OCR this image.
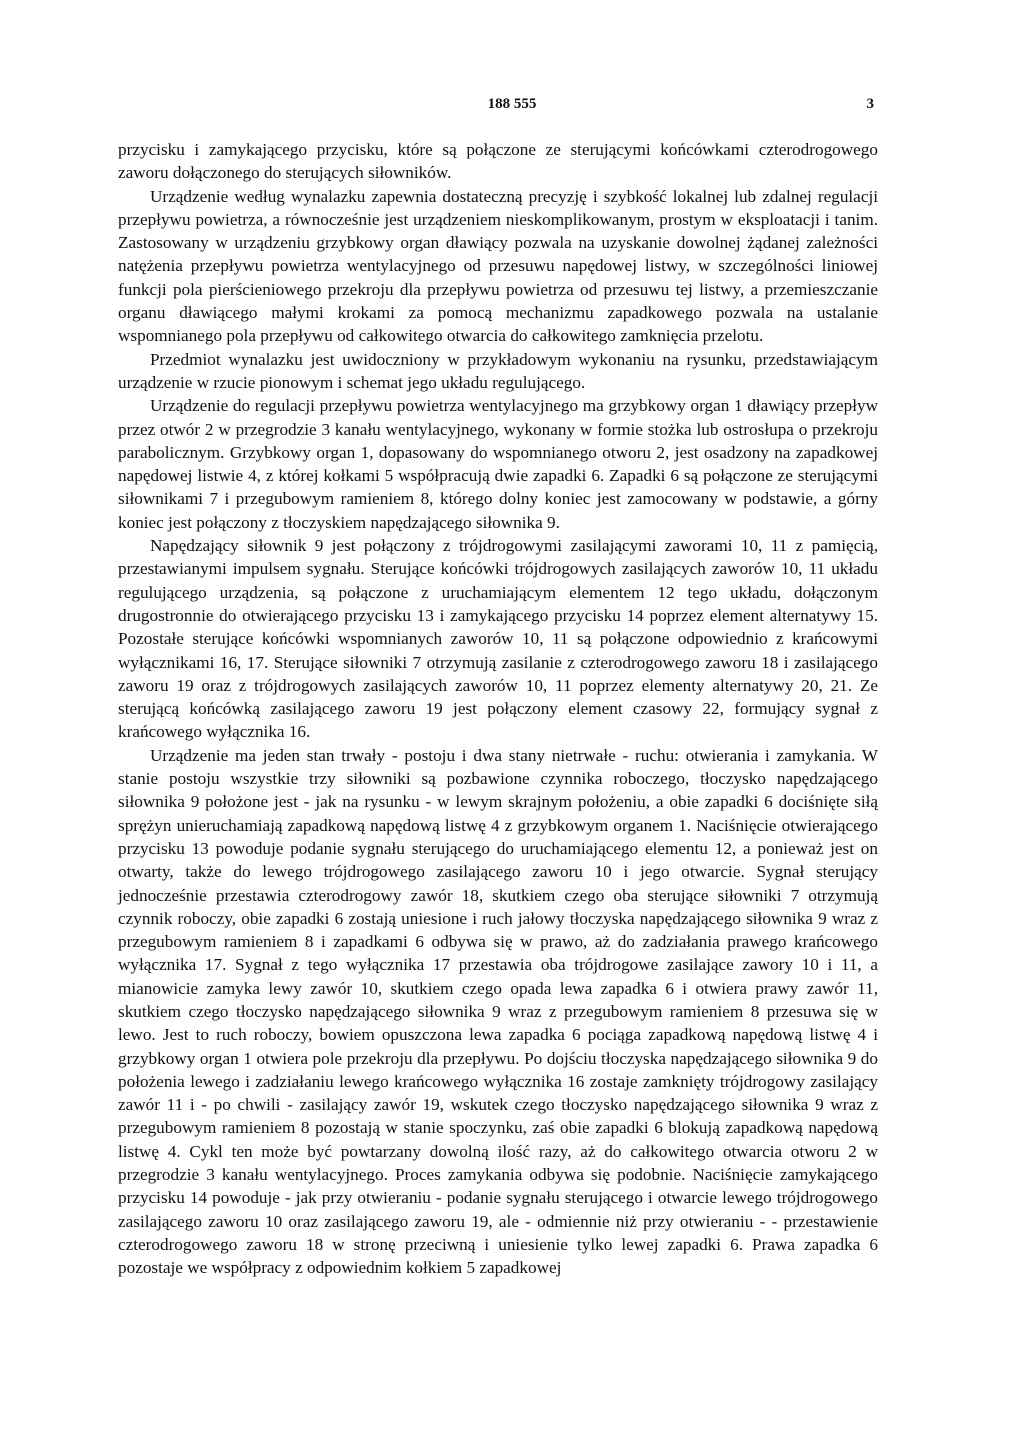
188 555	3

przycisku i zamykającego przycisku, które są połączone ze sterującymi końcówkami czterodrogowego zaworu dołączonego do sterujących siłowników.

Urządzenie według wynalazku zapewnia dostateczną precyzję i szybkość lokalnej lub zdalnej regulacji przepływu powietrza, a równocześnie jest urządzeniem nieskomplikowanym, prostym w eksploatacji i tanim. Zastosowany w urządzeniu grzybkowy organ dławiący pozwala na uzyskanie dowolnej żądanej zależności natężenia przepływu powietrza wentylacyjnego od przesuwu napędowej listwy, w szczególności liniowej funkcji pola pierścieniowego przekroju dla przepływu powietrza od przesuwu tej listwy, a przemieszczanie organu dławiącego małymi krokami za pomocą mechanizmu zapadkowego pozwala na ustalanie wspomnianego pola przepływu od całkowitego otwarcia do całkowitego zamknięcia przelotu.

Przedmiot wynalazku jest uwidoczniony w przykładowym wykonaniu na rysunku, przedstawiającym urządzenie w rzucie pionowym i schemat jego układu regulującego.

Urządzenie do regulacji przepływu powietrza wentylacyjnego ma grzybkowy organ 1 dławiący przepływ przez otwór 2 w przegrodzie 3 kanału wentylacyjnego, wykonany w formie stożka lub ostrosłupa o przekroju parabolicznym. Grzybkowy organ 1, dopasowany do wspomnianego otworu 2, jest osadzony na zapadkowej napędowej listwie 4, z której kołkami 5 współpracują dwie zapadki 6. Zapadki 6 są połączone ze sterującymi siłownikami 7 i przegubowym ramieniem 8, którego dolny koniec jest zamocowany w podstawie, a górny koniec jest połączony z tłoczyskiem napędzającego siłownika 9.

Napędzający siłownik 9 jest połączony z trójdrogowymi zasilającymi zaworami 10, 11 z pamięcią, przestawianymi impulsem sygnału. Sterujące końcówki trójdrogowych zasilających zaworów 10, 11 układu regulującego urządzenia, są połączone z uruchamiającym elementem 12 tego układu, dołączonym drugostronnie do otwierającego przycisku 13 i zamykającego przycisku 14 poprzez element alternatywy 15. Pozostałe sterujące końcówki wspomnianych zaworów 10, 11 są połączone odpowiednio z krańcowymi wyłącznikami 16, 17. Sterujące siłowniki 7 otrzymują zasilanie z czterodrogowego zaworu 18 i zasilającego zaworu 19 oraz z trójdrogowych zasilających zaworów 10, 11 poprzez elementy alternatywy 20, 21. Ze sterującą końcówką zasilającego zaworu 19 jest połączony element czasowy 22, formujący sygnał z krańcowego wyłącznika 16.

Urządzenie ma jeden stan trwały - postoju i dwa stany nietrwałe - ruchu: otwierania i zamykania. W stanie postoju wszystkie trzy siłowniki są pozbawione czynnika roboczego, tłoczysko napędzającego siłownika 9 położone jest - jak na rysunku - w lewym skrajnym położeniu, a obie zapadki 6 dociśnięte siłą sprężyn unieruchamiają zapadkową napędową listwę 4 z grzybkowym organem 1. Naciśnięcie otwierającego przycisku 13 powoduje podanie sygnału sterującego do uruchamiającego elementu 12, a ponieważ jest on otwarty, także do lewego trójdrogowego zasilającego zaworu 10 i jego otwarcie. Sygnał sterujący jednocześnie przestawia czterodrogowy zawór 18, skutkiem czego oba sterujące siłowniki 7 otrzymują czynnik roboczy, obie zapadki 6 zostają uniesione i ruch jałowy tłoczyska napędzającego siłownika 9 wraz z przegubowym ramieniem 8 i zapadkami 6 odbywa się w prawo, aż do zadziałania prawego krańcowego wyłącznika 17. Sygnał z tego wyłącznika 17 przestawia oba trójdrogowe zasilające zawory 10 i 11, a mianowicie zamyka lewy zawór 10, skutkiem czego opada lewa zapadka 6 i otwiera prawy zawór 11, skutkiem czego tłoczysko napędzającego siłownika 9 wraz z przegubowym ramieniem 8 przesuwa się w lewo. Jest to ruch roboczy, bowiem opuszczona lewa zapadka 6 pociąga zapadkową napędową listwę 4 i grzybkowy organ 1 otwiera pole przekroju dla przepływu. Po dojściu tłoczyska napędzającego siłownika 9 do położenia lewego i zadziałaniu lewego krańcowego wyłącznika 16 zostaje zamknięty trójdrogowy zasilający zawór 11 i - po chwili - zasilający zawór 19, wskutek czego tłoczysko napędzającego siłownika 9 wraz z przegubowym ramieniem 8 pozostają w stanie spoczynku, zaś obie zapadki 6 blokują zapadkową napędową listwę 4. Cykl ten może być powtarzany dowolną ilość razy, aż do całkowitego otwarcia otworu 2 w przegrodzie 3 kanału wentylacyjnego. Proces zamykania odbywa się podobnie. Naciśnięcie zamykającego przycisku 14 powoduje - jak przy otwieraniu - podanie sygnału sterującego i otwarcie lewego trójdrogowego zasilającego zaworu 10 oraz zasilającego zaworu 19, ale - odmiennie niż przy otwieraniu - - przestawienie czterodrogowego zaworu 18 w stronę przeciwną i uniesienie tylko lewej zapadki 6. Prawa zapadka 6 pozostaje we współpracy z odpowiednim kołkiem 5 zapadkowej
